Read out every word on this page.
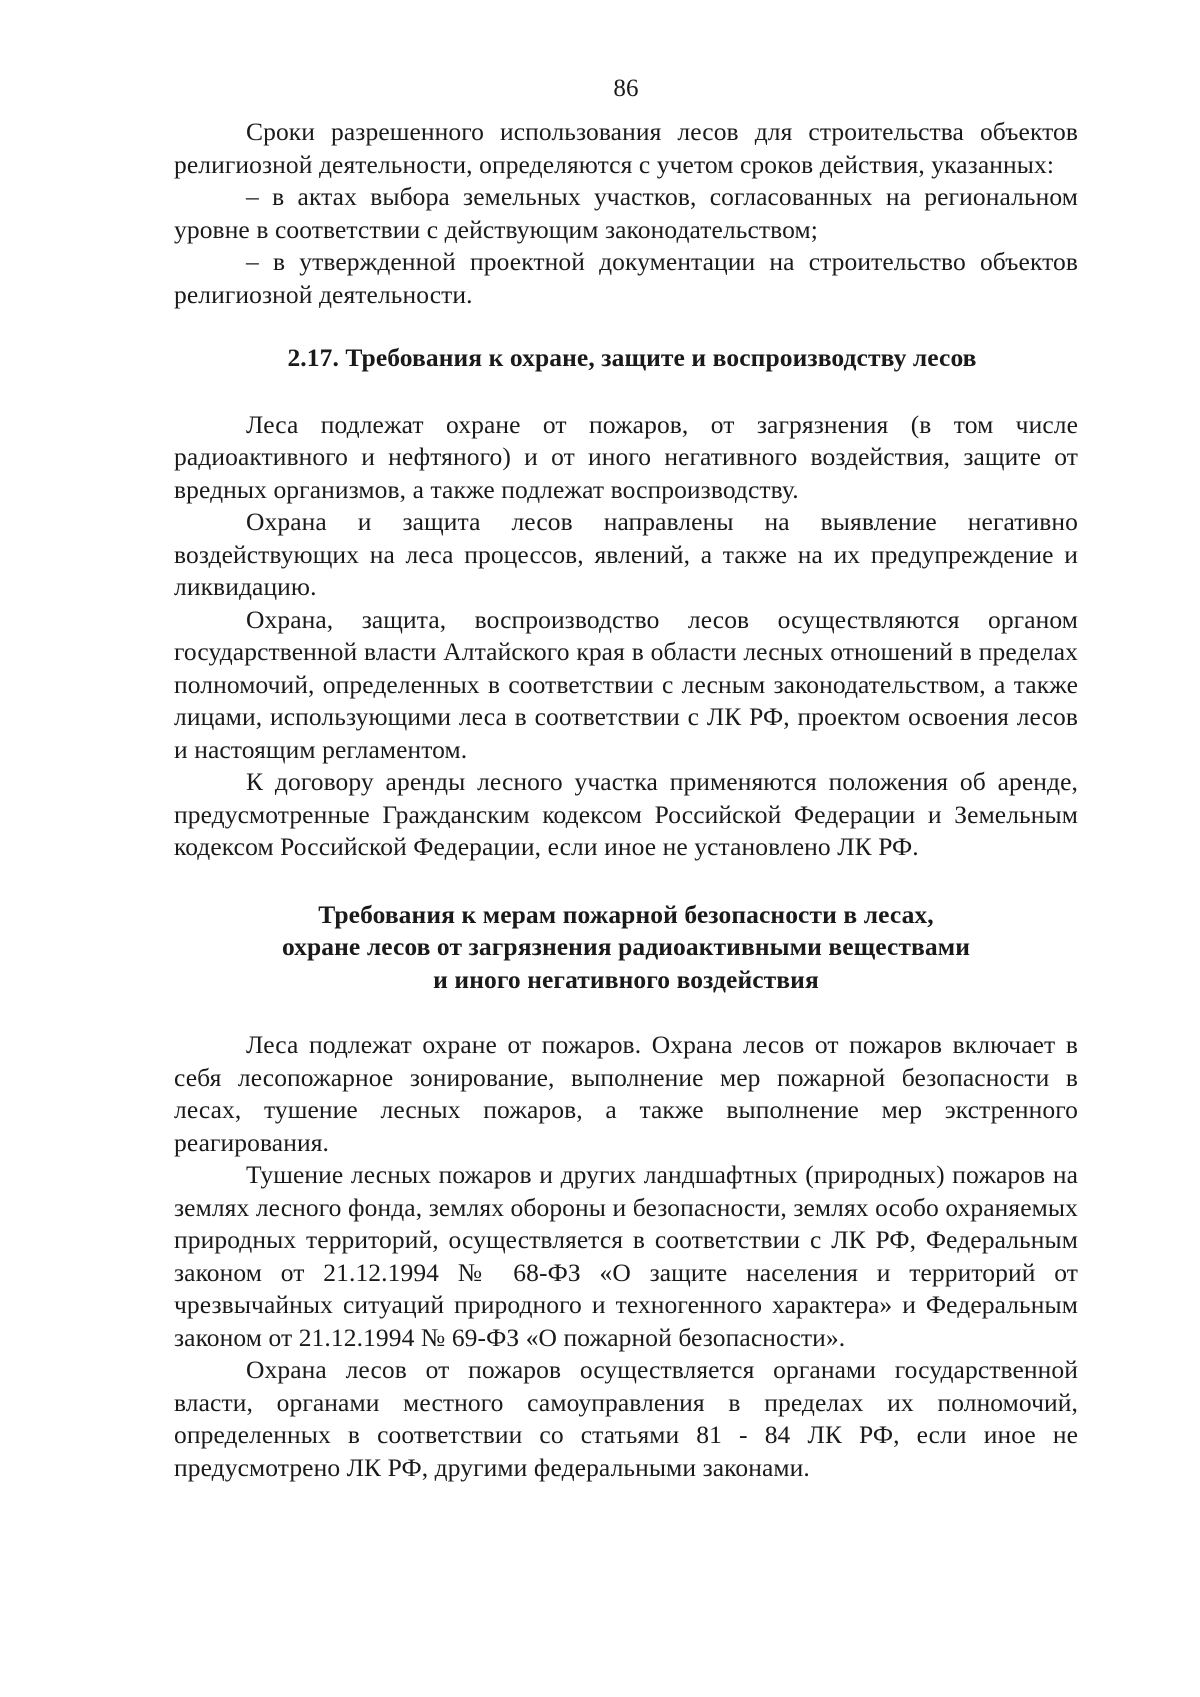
86

Сроки разрешенного использования лесов для строительства объектов религиозной деятельности, определяются с учетом сроков действия, указанных:

– в актах выбора земельных участков, согласованных на региональном уровне в соответствии с действующим законодательством;

– в утвержденной проектной документации на строительство объектов религиозной деятельности.

2.17. Требования к охране, защите и воспроизводству лесов

Леса подлежат охране от пожаров, от загрязнения (в том числе радиоактивного и нефтяного) и от иного негативного воздействия, защите от вредных организмов, а также подлежат воспроизводству.

Охрана и защита лесов направлены на выявление негативно воздействующих на леса процессов, явлений, а также на их предупреждение и ликвидацию.

Охрана, защита, воспроизводство лесов осуществляются органом государственной власти Алтайского края в области лесных отношений в пределах полномочий, определенных в соответствии с лесным законодательством, а также лицами, использующими леса в соответствии с ЛК РФ, проектом освоения лесов и настоящим регламентом.

К договору аренды лесного участка применяются положения об аренде, предусмотренные Гражданским кодексом Российской Федерации и Земельным кодексом Российской Федерации, если иное не установлено ЛК РФ.

Требования к мерам пожарной безопасности в лесах,
охране лесов от загрязнения радиоактивными веществами
и иного негативного воздействия

Леса подлежат охране от пожаров. Охрана лесов от пожаров включает в себя лесопожарное зонирование, выполнение мер пожарной безопасности в лесах, тушение лесных пожаров, а также выполнение мер экстренного реагирования.

Тушение лесных пожаров и других ландшафтных (природных) пожаров на землях лесного фонда, землях обороны и безопасности, землях особо охраняемых природных территорий, осуществляется в соответствии с ЛК РФ, Федеральным законом от 21.12.1994 № 68-ФЗ «О защите населения и территорий от чрезвычайных ситуаций природного и техногенного характера» и Федеральным законом от 21.12.1994 № 69-ФЗ «О пожарной безопасности».

Охрана лесов от пожаров осуществляется органами государственной власти, органами местного самоуправления в пределах их полномочий, определенных в соответствии со статьями 81 - 84 ЛК РФ, если иное не предусмотрено ЛК РФ, другими федеральными законами.
